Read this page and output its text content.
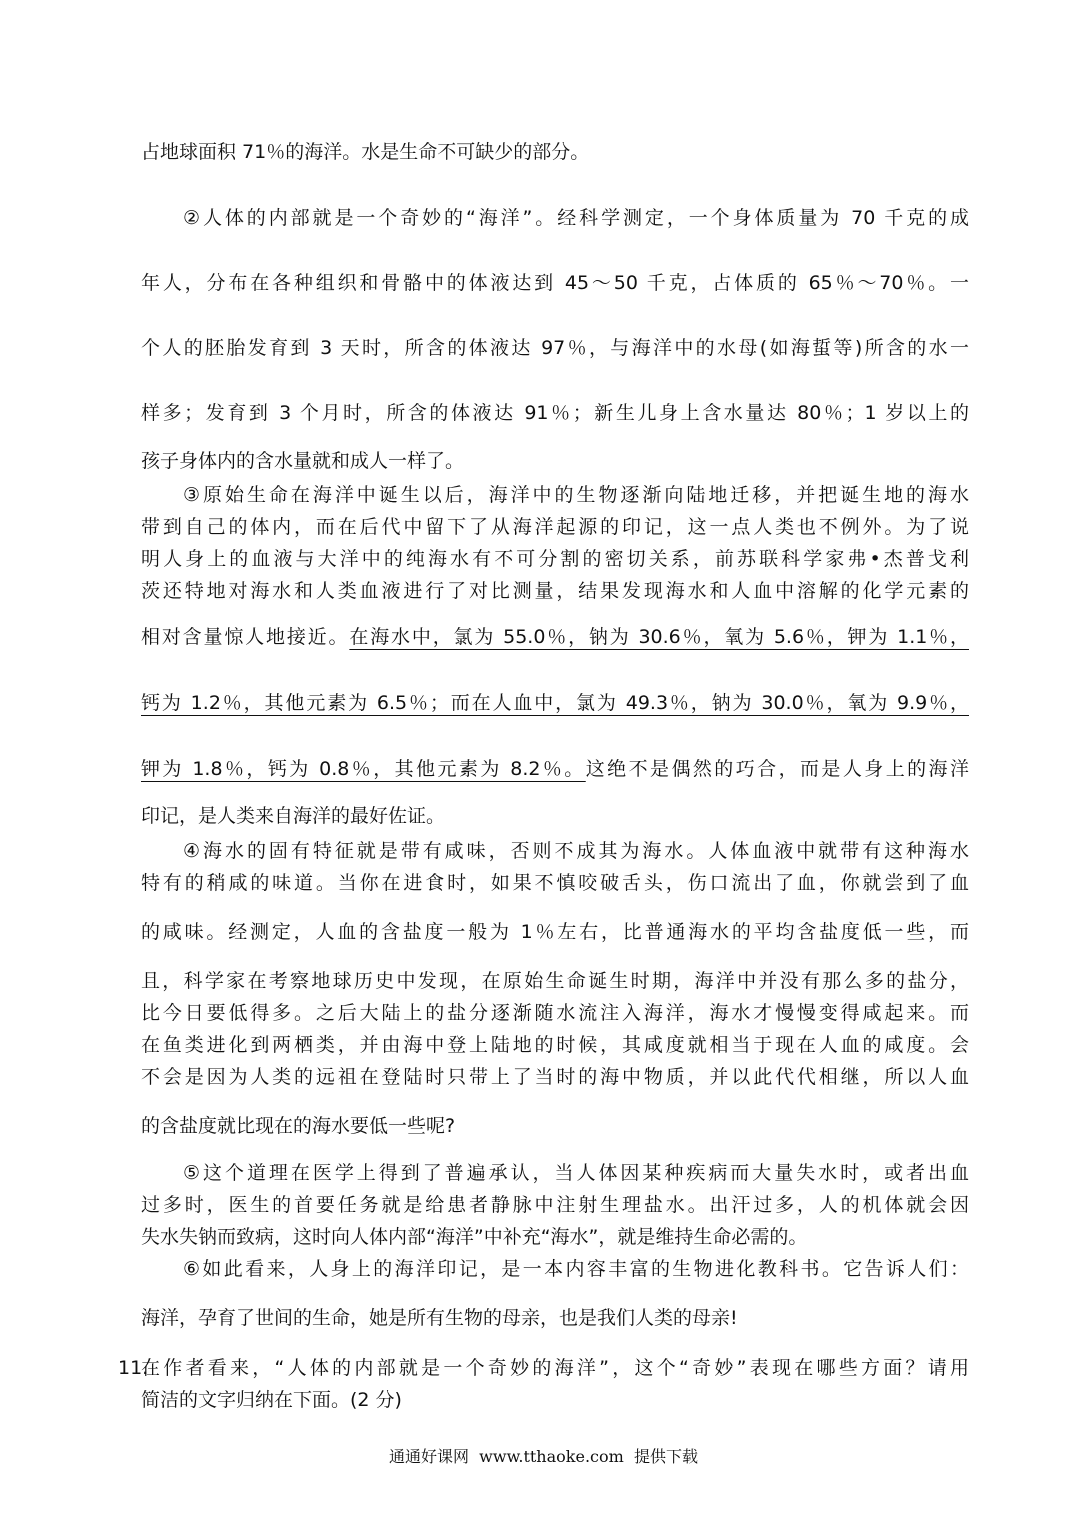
占地球面积 71％的海洋。水是生命不可缺少的部分。
②人体的内部就是一个奇妙的“海洋”。经科学测定，一个身体质量为 70 千克的成
年人，分布在各种组织和骨骼中的体液达到 45～50 千克，占体质的 65％～70％。一
个人的胚胎发育到 3 天时，所含的体液达 97％，与海洋中的水母(如海蜇等)所含的水一
样多；发育到 3 个月时，所含的体液达 91％；新生儿身上含水量达 80％；1 岁以上的
孩子身体内的含水量就和成人一样了。
③原始生命在海洋中诞生以后，海洋中的生物逐渐向陆地迁移，并把诞生地的海水
带到自己的体内，而在后代中留下了从海洋起源的印记，这一点人类也不例外。为了说
明人身上的血液与大洋中的纯海水有不可分割的密切关系，前苏联科学家弗•杰普戈利
茨还特地对海水和人类血液进行了对比测量，结果发现海水和人血中溶解的化学元素的
相对含量惊人地接近。在海水中，氯为 55.0％，钠为 30.6％，氧为 5.6％，钾为 1.1％，
钙为 1.2％，其他元素为 6.5％；而在人血中，氯为 49.3％，钠为 30.0％，氧为 9.9％，
钾为 1.8％，钙为 0.8％，其他元素为 8.2％。这绝不是偶然的巧合，而是人身上的海洋
印记，是人类来自海洋的最好佐证。
④海水的固有特征就是带有咸味，否则不成其为海水。人体血液中就带有这种海水
特有的稍咸的味道。当你在进食时，如果不慎咬破舌头，伤口流出了血，你就尝到了血
的咸味。经测定，人血的含盐度一般为 1％左右，比普通海水的平均含盐度低一些，而
且，科学家在考察地球历史中发现，在原始生命诞生时期，海洋中并没有那么多的盐分，
比今日要低得多。之后大陆上的盐分逐渐随水流注入海洋，海水才慢慢变得咸起来。而
在鱼类进化到两栖类，并由海中登上陆地的时候，其咸度就相当于现在人血的咸度。会
不会是因为人类的远祖在登陆时只带上了当时的海中物质，并以此代代相继，所以人血
的含盐度就比现在的海水要低一些呢?
⑤这个道理在医学上得到了普遍承认，当人体因某种疾病而大量失水时，或者出血
过多时，医生的首要任务就是给患者静脉中注射生理盐水。出汗过多，人的机体就会因
失水失钠而致病，这时向人体内部“海洋”中补充“海水”，就是维持生命必需的。
⑥如此看来，人身上的海洋印记，是一本内容丰富的生物进化教科书。它告诉人们：
海洋，孕育了世间的生命，她是所有生物的母亲，也是我们人类的母亲!
11.
在作者看来，“人体的内部就是一个奇妙的海洋”，这个“奇妙”表现在哪些方面？请用
简洁的文字归纳在下面。(2 分)
通通好课网  www.tthaoke.com  提供下载
